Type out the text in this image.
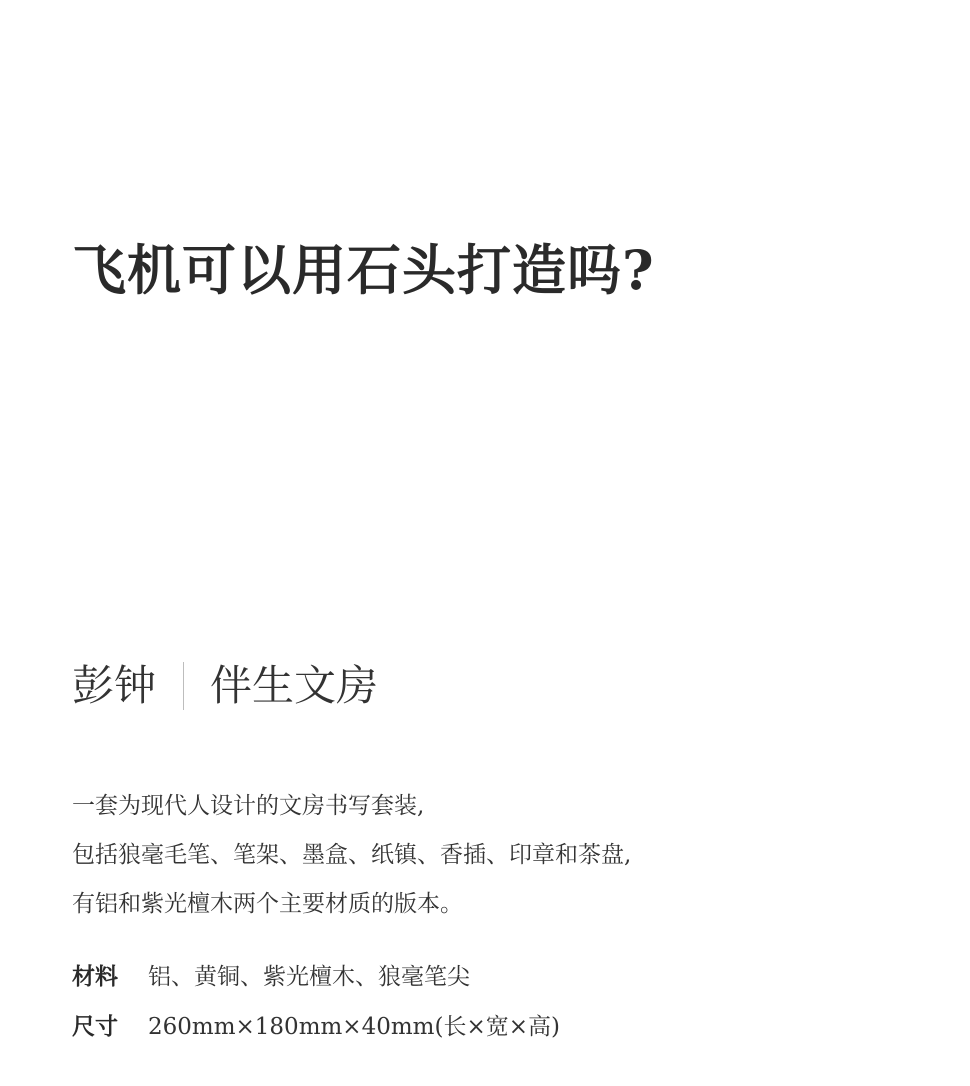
飞机可以用石头打造吗?
彭钟 伴生文房
一套为现代人设计的文房书写套装,
包括狼毫毛笔、笔架、墨盒、纸镇、香插、印章和茶盘,
有铝和紫光檀木两个主要材质的版本。
材料	铝、黄铜、紫光檀木、狼毫笔尖
尺寸	260mm×180mm×40mm(长×宽×高)
